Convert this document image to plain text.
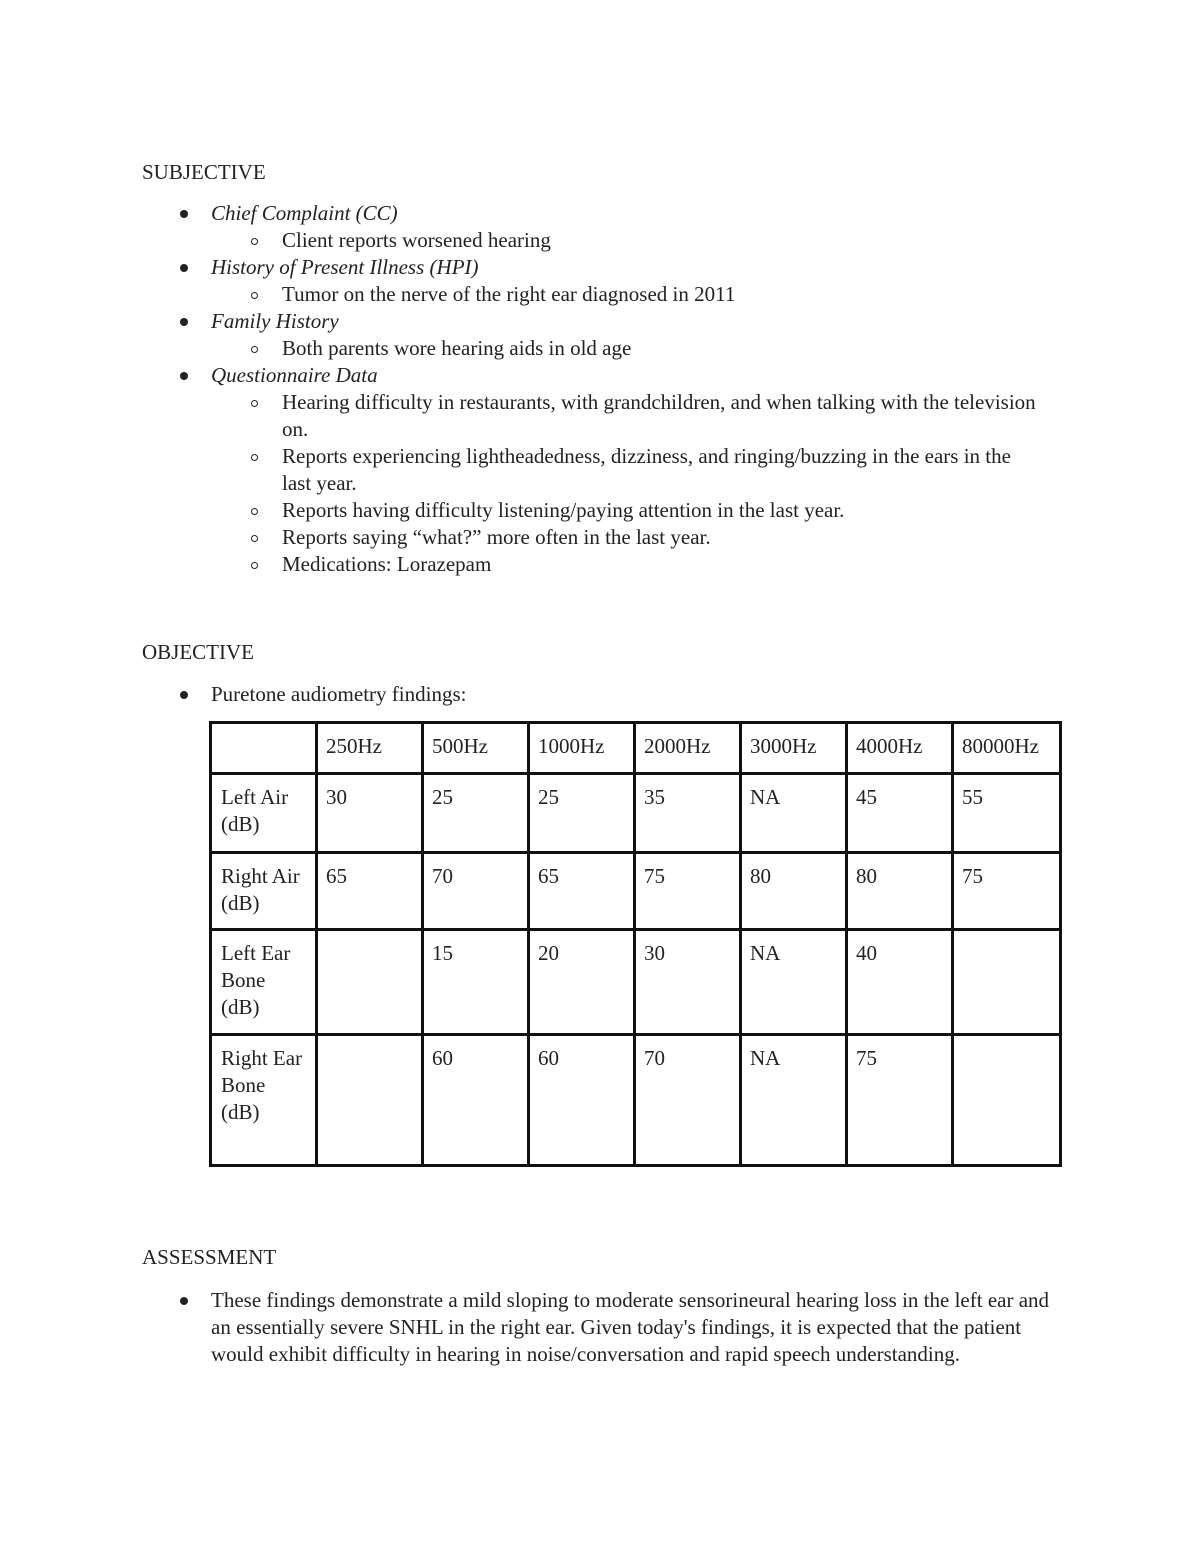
SUBJECTIVE
Chief Complaint (CC)
Client reports worsened hearing
History of Present Illness (HPI)
Tumor on the nerve of the right ear diagnosed in 2011
Family History
Both parents wore hearing aids in old age
Questionnaire Data
Hearing difficulty in restaurants, with grandchildren, and when talking with the television on.
Reports experiencing lightheadedness, dizziness, and ringing/buzzing in the ears in the last year.
Reports having difficulty listening/paying attention in the last year.
Reports saying “what?” more often in the last year.
Medications: Lorazepam
OBJECTIVE
Puretone audiometry findings:
	250Hz	500Hz	1000Hz	2000Hz	3000Hz	4000Hz	80000Hz
Left Air (dB)	30	25	25	35	NA	45	55
Right Air (dB)	65	70	65	75	80	80	75
Left Ear Bone (dB)		15	20	30	NA	40	
Right Ear Bone (dB)		60	60	70	NA	75	
ASSESSMENT
These findings demonstrate a mild sloping to moderate sensorineural hearing loss in the left ear and an essentially severe SNHL in the right ear. Given today's findings, it is expected that the patient would exhibit difficulty in hearing in noise/conversation and rapid speech understanding.
